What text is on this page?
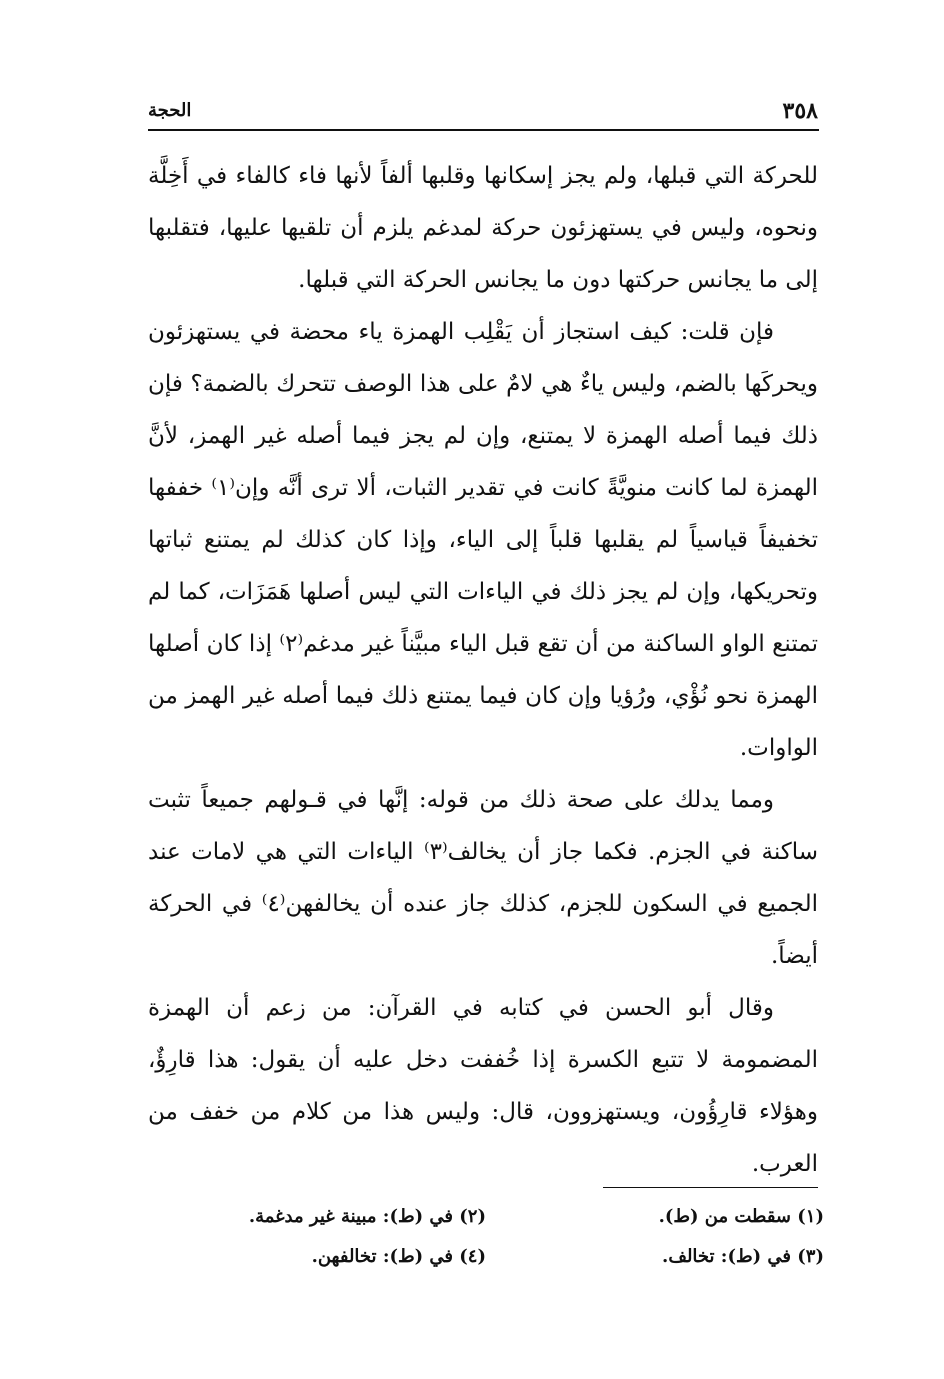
٣٥٨
الحجة

للحركة التي قبلها، ولم يجز إسكانها وقلبها ألفاً لأنها فاء كالفاء في أَخِلَّة ونحوه، وليس في يستهزئون حركة لمدغم يلزم أن تلقيها عليها، فتقلبها إلى ما يجانس حركتها دون ما يجانس الحركة التي قبلها.

فإن قلت: كيف استجاز أن يَقْلِب الهمزة ياء محضة في يستهزئون ويحركَها بالضم، وليس ياءٌ هي لامٌ على هذا الوصف تتحرك بالضمة؟ فإن ذلك فيما أصله الهمزة لا يمتنع، وإن لم يجز فيما أصله غير الهمز، لأنَّ الهمزة لما كانت منويَّةً كانت في تقدير الثبات، ألا ترى أنَّه وإن⁽١⁾ خففها تخفيفاً قياسياً لم يقلبها قلباً إلى الياء، وإذا كان كذلك لم يمتنع ثباتها وتحريكها، وإن لم يجز ذلك في الياءات التي ليس أصلها هَمَزَات، كما لم تمتنع الواو الساكنة من أن تقع قبل الياء مبيَّناً غير مدغم⁽٢⁾ إذا كان أصلها الهمزة نحو نُؤْي، ورُؤيا وإن كان فيما يمتنع ذلك فيما أصله غير الهمز من الواوات.

ومما يدلك على صحة ذلك من قوله: إنَّها في قـولهم جميعاً تثبت ساكنة في الجزم. فكما جاز أن يخالف⁽٣⁾ الياءات التي هي لامات عند الجميع في السكون للجزم، كذلك جاز عنده أن يخالفهن⁽٤⁾ في الحركة أيضاً.

وقال أبو الحسن في كتابه في القرآن: من زعم أن الهمزة المضمومة لا تتبع الكسرة إذا خُففت دخل عليه أن يقول: هذا قارِؤٌ، وهؤلاء قارِؤُون، ويستهزوون، قال: وليس هذا من كلام من خفف من العرب.

(١) سقطت من (ط).
(٢) في (ط): مبينة غير مدغمة.
(٣) في (ط): تخالف.
(٤) في (ط): تخالفهن.
